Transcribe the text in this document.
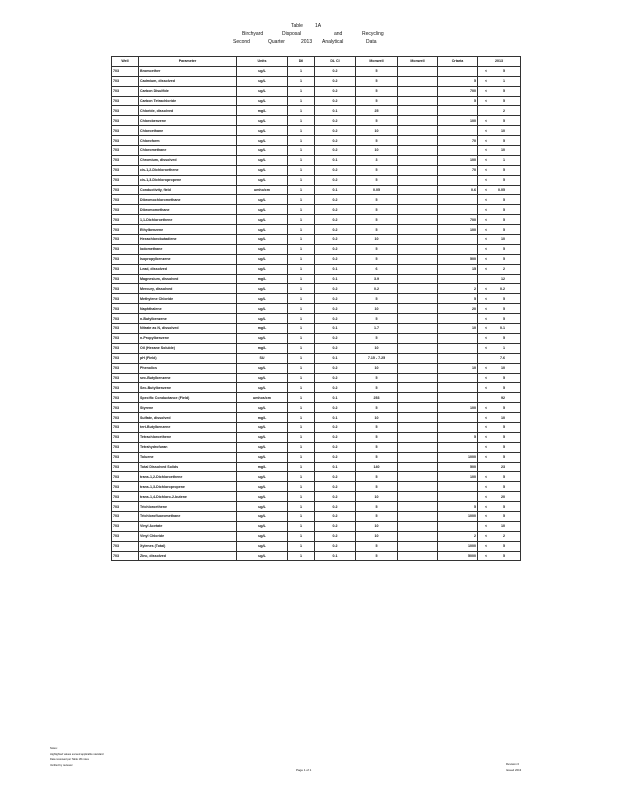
Table 1A
Birchyard	Disposal	and	Recycling
Second	Quarter	2013 Analytical	Data
Well	Parameter	Units	Dil	DL Cl	Monwell	Monwell	Crtaria	2013
703	Bromoether	ug/L	1	0.2	5			< 5

703	Cadmium, dissolved	ug/L	1	0.2	5		5	< 1

703	Carbon Disulfide	ug/L	1	0.2	5		700	< 5

703	Carbon Tetrachloride	ug/L	1	0.2	5		5	< 5

703	Chloride, dissolved	mg/L	1	0.1	25			2

703	Chlorobenzene	ug/L	1	0.2	5		100	< 5

703	Chloroethane	ug/L	1	0.2	10			< 10

703	Chloroform	ug/L	1	0.2	5		70	< 5

703	Chloromethane	ug/L	1	0.2	10			< 10

703	Chromium, dissolved	ug/L	1	0.1	3		100	< 1

703	cis-1,2-Dichloroethene	ug/L	1	0.2	5		70	< 5

703	cis-1,3-Dichloropropene	ug/L	1	0.2	5			< 5

703	Conductivity, field	umho/cm	1	0.1	0.05		0.6	< 0.05

703	Dibromochloromethane	ug/L	1	0.2	5			< 5

703	Dibromomethane	ug/L	1	0.2	5			< 5

703	1,1-Dichloroethene	ug/L	1	0.2	5		700	< 5

703	Ethylbenzene	ug/L	1	0.2	5		100	< 5

703	Hexachlorobutadiene	ug/L	1	0.2	10			< 10

703	Iodomethane	ug/L	1	0.2	5			< 5

703	Isopropylbenzene	ug/L	1	0.2	5		500	< 5

703	Lead, dissolved	ug/L	1	0.1	6		15	< 2

703	Magnesium, dissolved	mg/L	1	0.1	3.9			12

703	Mercury, dissolved	ug/L	1	0.2	0.2		2	< 0.2

703	Methylene Chloride	ug/L	1	0.2	5		5	< 5

703	Naphthalene	ug/L	1	0.2	10		20	< 5

703	n-Butylbenzene	ug/L	1	0.2	5			< 5

703	Nitrate as N, dissolved	mg/L	1	0.1	1.7		10	< 0.1

703	n-Propylbenzene	ug/L	1	0.2	5			< 5

703	Oil (Hexane Soluble)	mg/L	1	0.2	10			< 1

703	pH (Field)	SU	1	0.1	7.15 - 7.25			7.6

703	Phenolics	ug/L	1	0.2	10		10	< 10

703	sec-Butylbenzene	ug/L	1	0.2	5			< 5

703	Sec-Butylbenzene	ug/L	1	0.2	5			< 5

703	Specific Conductance (Field)	umhos/cm	1	0.1	253			92

703	Styrene	ug/L	1	0.2	5		100	< 5

703	Sulfate, dissolved	mg/L	1	0.1	10			< 10

703	tert-Butylbenzene	ug/L	1	0.2	5			< 5

703	Tetrachloroethene	ug/L	1	0.2	5		5	< 5

703	Tetrahydrofuran	ug/L	1	0.2	5			< 5

703	Toluene	ug/L	1	0.2	5		1000	< 5

703	Total Dissolved Solids	mg/L	1	0.1	140		500	23

703	trans-1,2-Dichloroethene	ug/L	1	0.2	5		100	< 5

703	trans-1,3-Dichloropropene	ug/L	1	0.2	5			< 5

703	trans-1,4-Dichloro-2-butene	ug/L	1	0.2	10			< 20

703	Trichloroethene	ug/L	1	0.2	5		5	< 5

703	Trichlorofluoromethane	ug/L	1	0.2	5		1000	< 5

703	Vinyl Acetate	ug/L	1	0.2	10			< 10

703	Vinyl Chloride	ug/L	1	0.2	10		2	< 2

703	Xylenes (Total)	ug/L	1	0.2	5		1000	< 5

703	Zinc, dissolved	ug/L	1	0.1	5		5000	< 5
Notes:
Highlighted values exceed applicable standard
Data reviewed per Table 1B notes
Verified by reviewer
Page 1 of 1
Revision 0
Issued 2013
